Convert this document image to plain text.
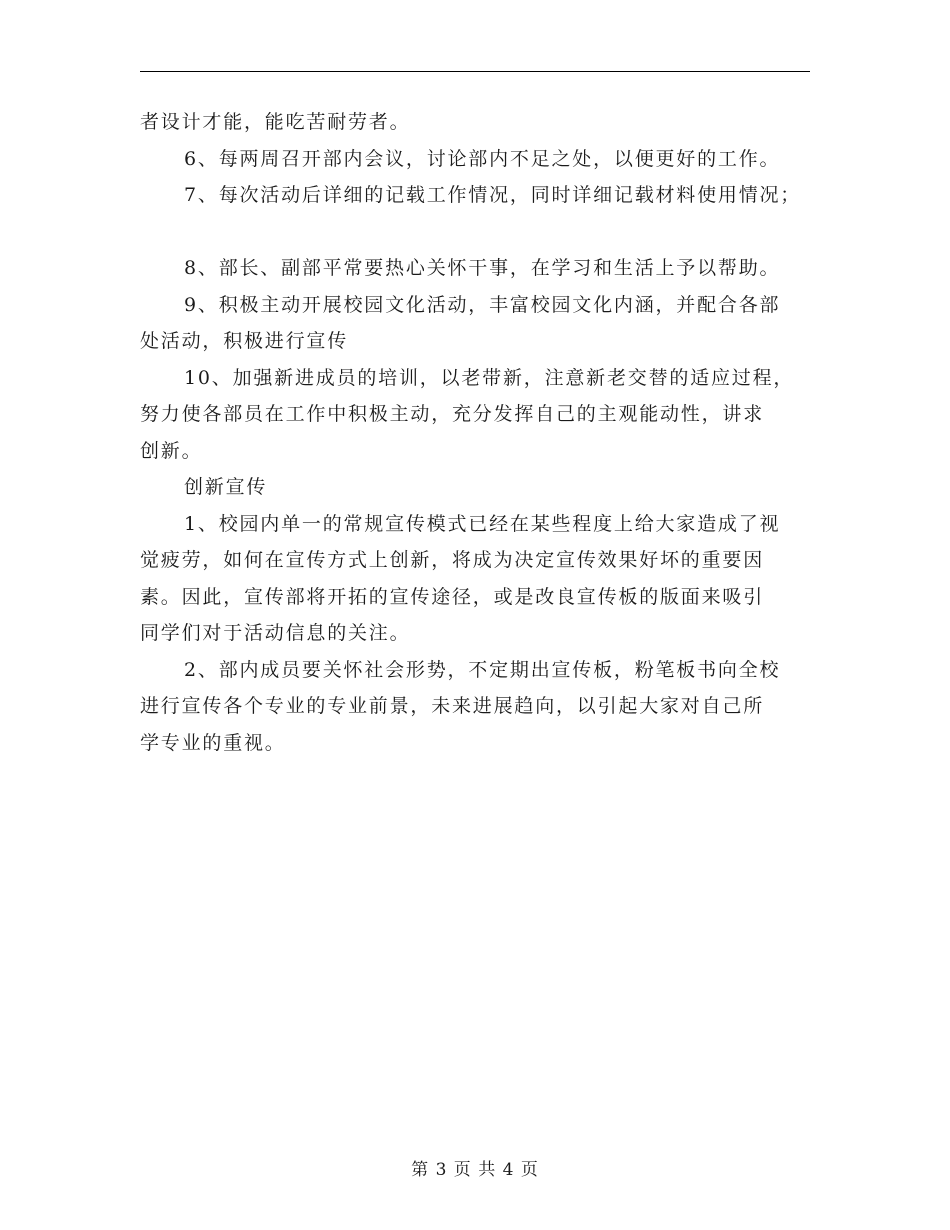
者设计才能，能吃苦耐劳者。

6、每两周召开部内会议，讨论部内不足之处，以便更好的工作。

7、每次活动后详细的记载工作情况，同时详细记载材料使用情况；

8、部长、副部平常要热心关怀干事，在学习和生活上予以帮助。

9、积极主动开展校园文化活动，丰富校园文化内涵，并配合各部

处活动，积极进行宣传

10、加强新进成员的培训，以老带新，注意新老交替的适应过程，

努力使各部员在工作中积极主动，充分发挥自己的主观能动性，讲求

创新。

创新宣传

1、校园内单一的常规宣传模式已经在某些程度上给大家造成了视

觉疲劳，如何在宣传方式上创新，将成为决定宣传效果好坏的重要因

素。因此，宣传部将开拓的宣传途径，或是改良宣传板的版面来吸引

同学们对于活动信息的关注。

2、部内成员要关怀社会形势，不定期出宣传板，粉笔板书向全校

进行宣传各个专业的专业前景，未来进展趋向，以引起大家对自己所

学专业的重视。

第 3 页 共 4 页
